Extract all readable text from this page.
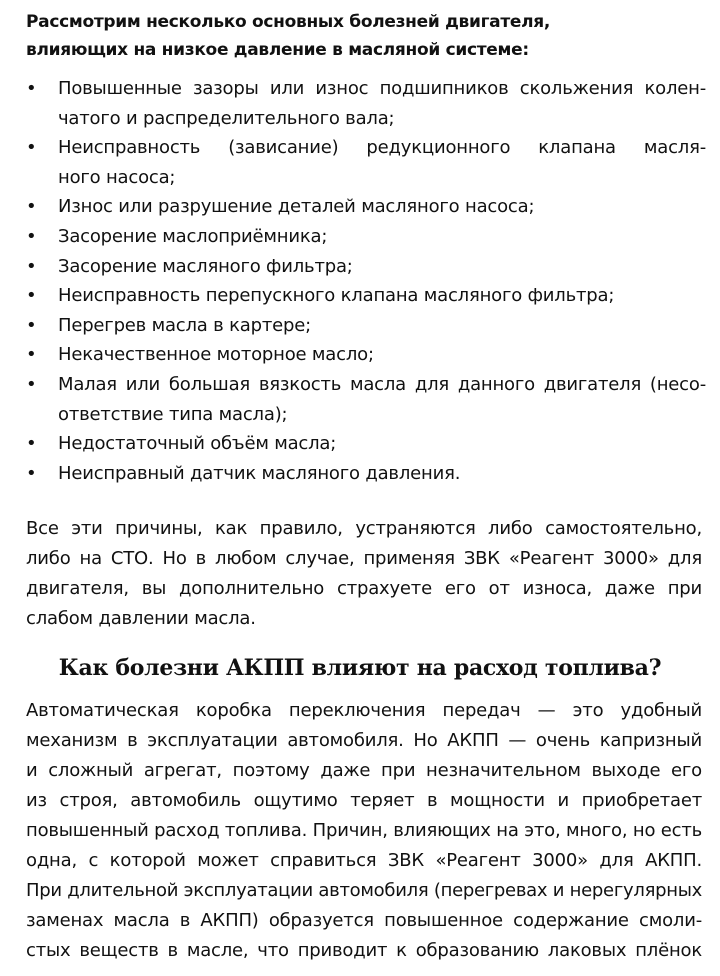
Рассмотрим несколько основных болезней двигателя,
влияющих на низкое давление в масляной системе:
• Повышенные зазоры или износ подшипников скольжения колен-
чатого и распределительного вала;
• Неисправность (зависание) редукционного клапана масля-
ного насоса;
• Износ или разрушение деталей масляного насоса;
• Засорение маслоприёмника;
• Засорение масляного фильтра;
• Неисправность перепускного клапана масляного фильтра;
• Перегрев масла в картере;
• Некачественное моторное масло;
• Малая или большая вязкость масла для данного двигателя (несо-
ответствие типа масла);
• Недостаточный объём масла;
• Неисправный датчик масляного давления.
Все эти причины, как правило, устраняются либо самостоятельно,
либо на СТО. Но в любом случае, применяя ЗВК «Реагент 3000» для
двигателя, вы дополнительно страхуете его от износа, даже при
слабом давлении масла.
Как болезни АКПП влияют на расход топлива?
Автоматическая коробка переключения передач — это удобный
механизм в эксплуатации автомобиля. Но АКПП — очень капризный
и сложный агрегат, поэтому даже при незначительном выходе его
из строя, автомобиль ощутимо теряет в мощности и приобретает
повышенный расход топлива. Причин, влияющих на это, много, но есть
одна, с которой может справиться ЗВК «Реагент 3000» для АКПП.
При длительной эксплуатации автомобиля (перегревах и нерегулярных
заменах масла в АКПП) образуется повышенное содержание смоли-
стых веществ в масле, что приводит к образованию лаковых плёнок
